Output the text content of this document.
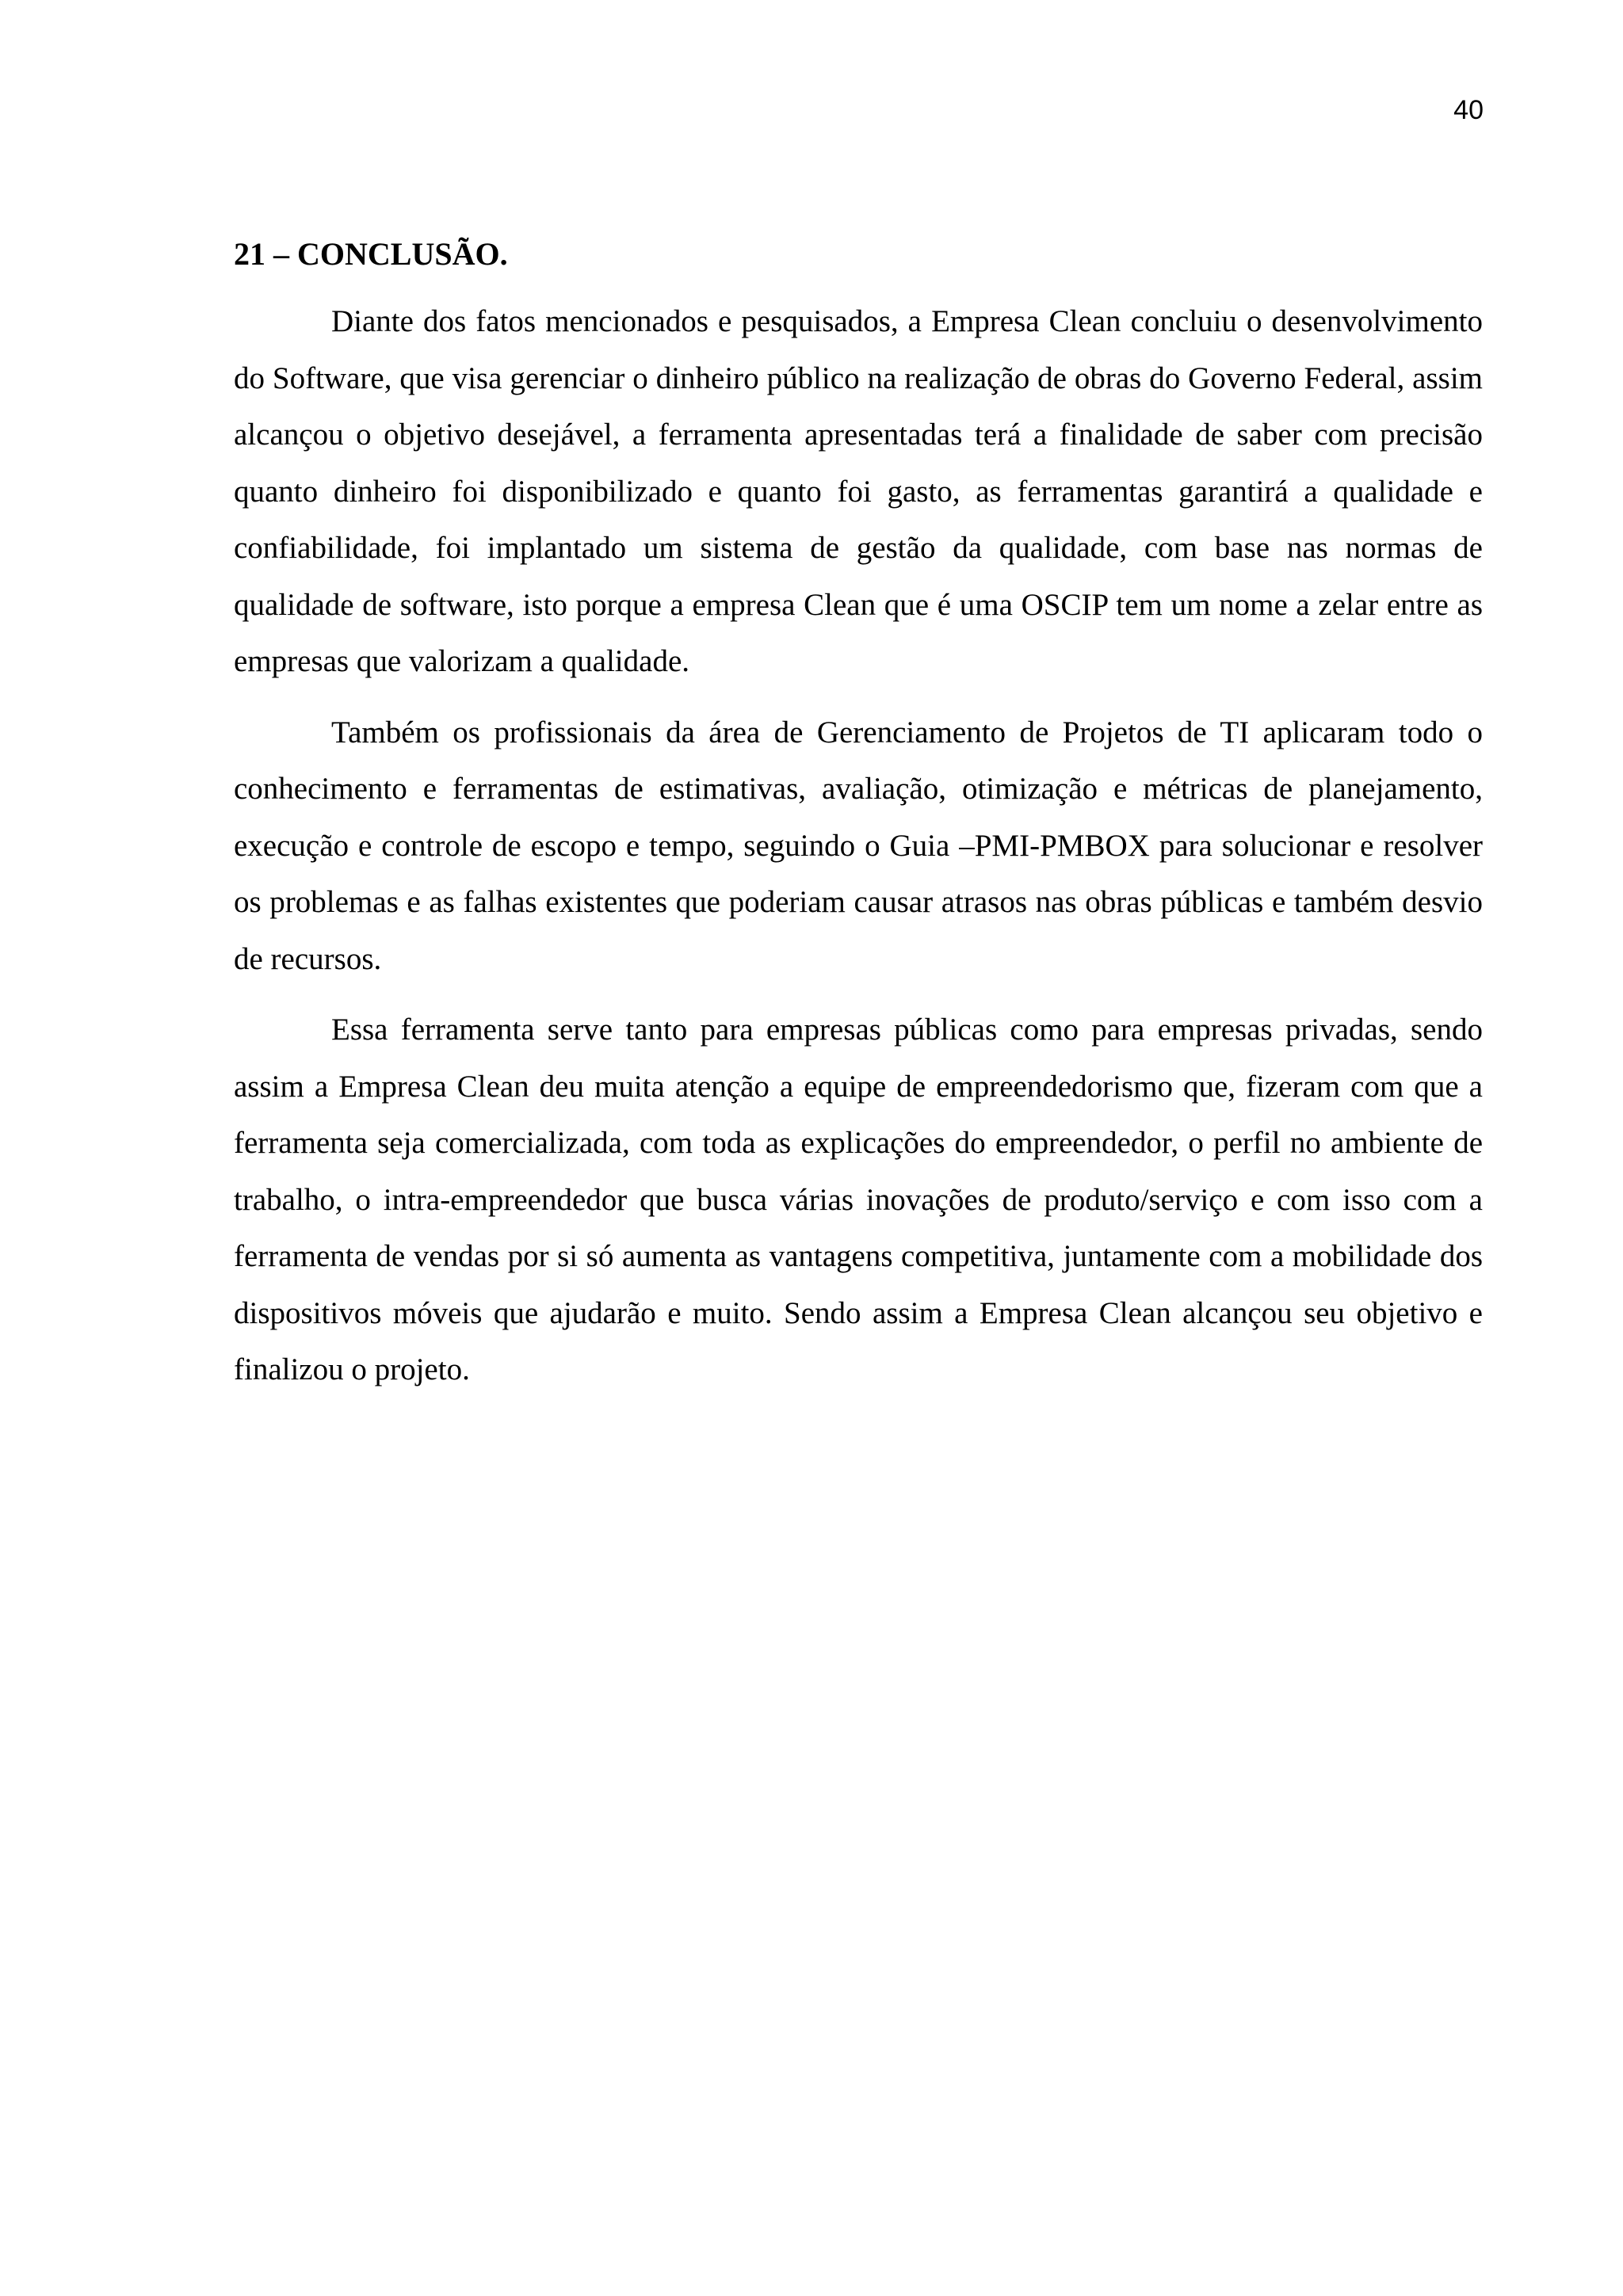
40
21 – CONCLUSÃO.

Diante dos fatos mencionados e pesquisados, a Empresa Clean concluiu o desenvolvimento do Software, que visa gerenciar o dinheiro público na realização de obras do Governo Federal, assim alcançou o objetivo desejável, a ferramenta apresentadas terá a finalidade de saber com precisão quanto dinheiro foi disponibilizado e quanto foi gasto, as ferramentas garantirá a qualidade e confiabilidade, foi implantado um sistema de gestão da qualidade, com base nas normas de qualidade de software, isto porque a empresa Clean que é uma OSCIP tem um nome a zelar entre as empresas que valorizam a qualidade.

Também os profissionais da área de Gerenciamento de Projetos de TI aplicaram todo o conhecimento e ferramentas de estimativas, avaliação, otimização e métricas de planejamento, execução e controle de escopo e tempo, seguindo o Guia –PMI-PMBOX para solucionar e resolver os problemas e as falhas existentes que poderiam causar atrasos nas obras públicas e também desvio de recursos.

Essa ferramenta serve tanto para empresas públicas como para empresas privadas, sendo assim a Empresa Clean deu muita atenção a equipe de empreendedorismo que, fizeram com que a ferramenta seja comercializada, com toda as explicações do empreendedor, o perfil no ambiente de trabalho, o intra-empreendedor que busca várias inovações de produto/serviço e com isso com a ferramenta de vendas por si só aumenta as vantagens competitiva, juntamente com a mobilidade dos dispositivos móveis que ajudarão e muito. Sendo assim a Empresa Clean alcançou seu objetivo e finalizou o projeto.
